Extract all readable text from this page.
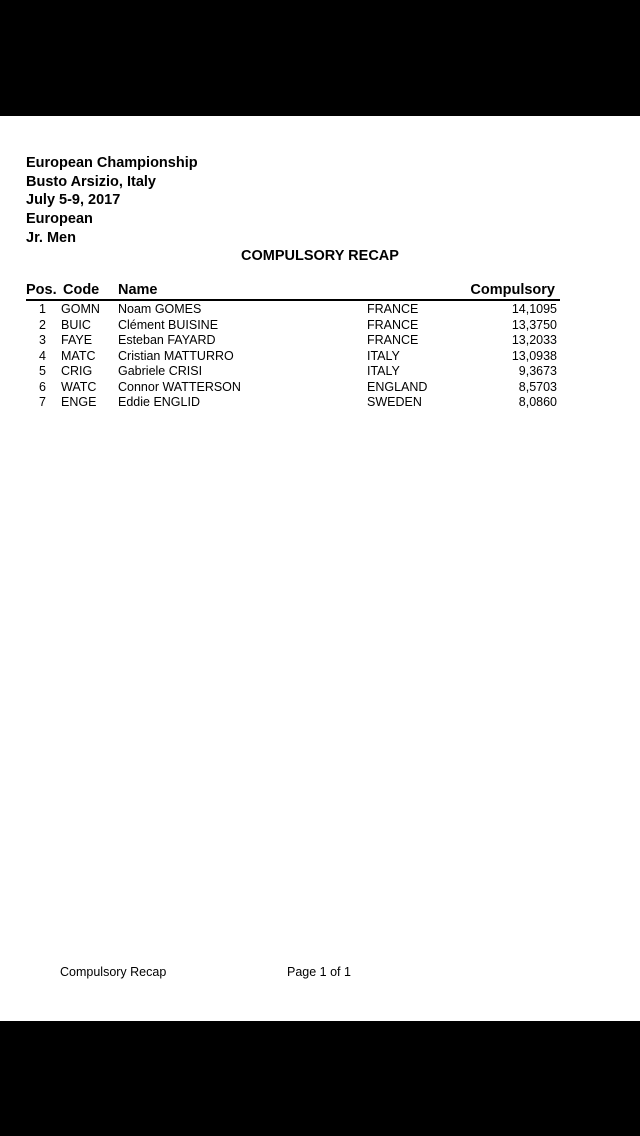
European Championship
Busto Arsizio, Italy
July 5-9, 2017
European
Jr. Men
COMPULSORY RECAP
Pos. Code Name	Compulsory
1 GOMN Noam GOMES	FRANCE	14,1095
2 BUIC Clément BUISINE	FRANCE	13,3750
3 FAYE Esteban FAYARD	FRANCE	13,2033
4 MATC Cristian MATTURRO	ITALY	13,0938
5 CRIG Gabriele CRISI	ITALY	9,3673
6 WATC Connor WATTERSON	ENGLAND	8,5703
7 ENGE Eddie ENGLID	SWEDEN	8,0860
Compulsory Recap	Page 1 of 1
